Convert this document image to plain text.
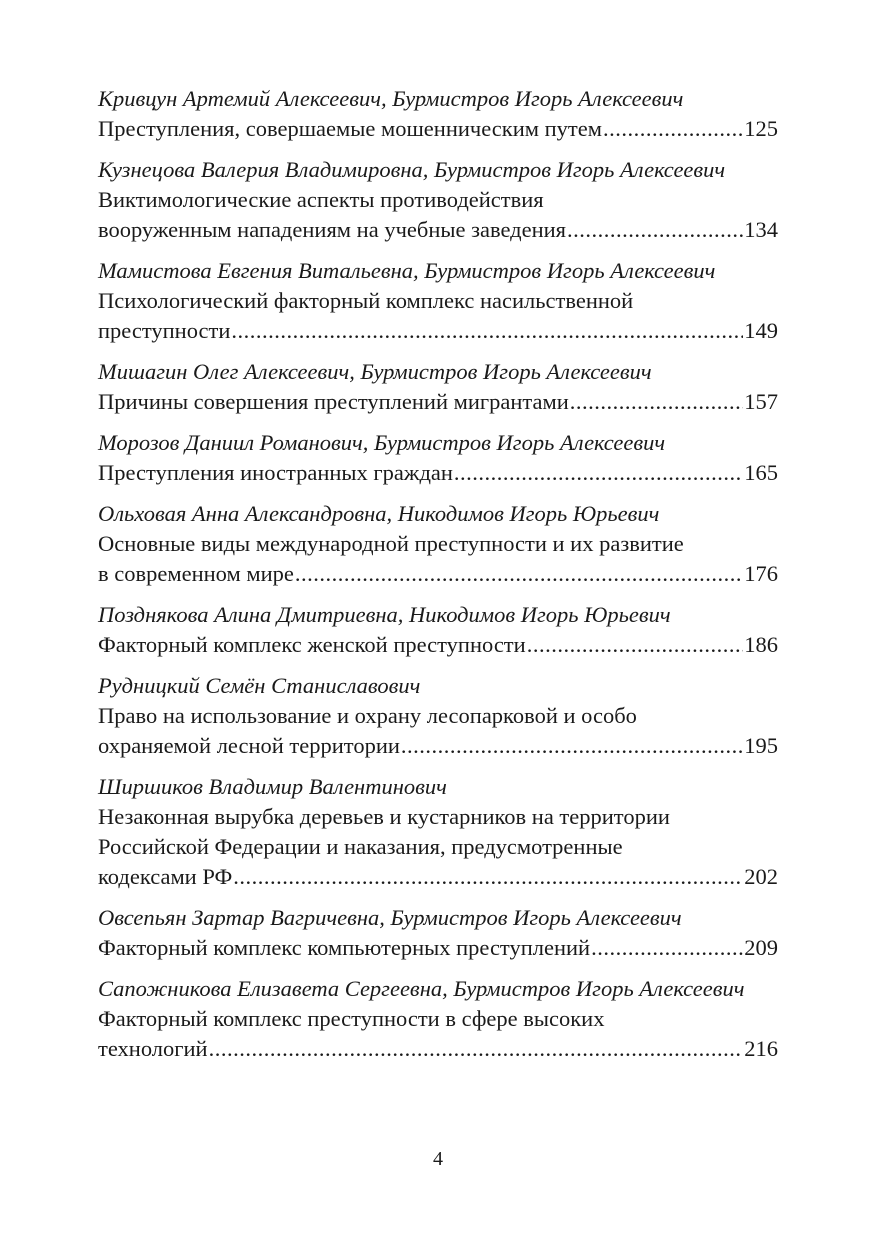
Кривцун Артемий Алексеевич, Бурмистров Игорь Алексеевич
Преступления, совершаемые мошенническим путем .....	125
Кузнецова Валерия Владимировна, Бурмистров Игорь Алексеевич
Виктимологические аспекты противодействия
вооруженным нападениям на учебные заведения .....	134
Мамистова Евгения Витальевна, Бурмистров Игорь Алексеевич
Психологический факторный комплекс насильственной
преступности .....	149
Мишагин Олег Алексеевич, Бурмистров Игорь Алексеевич
Причины совершения преступлений мигрантами .....	157
Морозов Даниил Романович, Бурмистров Игорь Алексеевич
Преступления иностранных граждан .....	165
Ольховая Анна Александровна, Никодимов Игорь Юрьевич
Основные виды международной преступности и их развитие
в современном мире .....	176
Позднякова Алина Дмитриевна, Никодимов Игорь Юрьевич
Факторный комплекс женской преступности .....	186
Рудницкий Семён Станиславович
Право на использование и охрану лесопарковой и особо
охраняемой лесной территории .....	195
Ширшиков Владимир Валентинович
Незаконная вырубка деревьев и кустарников на территории
Российской Федерации и наказания, предусмотренные
кодексами РФ .....	202
Овсепьян Зартар Вагричевна, Бурмистров Игорь Алексеевич
Факторный комплекс компьютерных преступлений .....	209
Сапожникова Елизавета Сергеевна, Бурмистров Игорь Алексеевич
Факторный комплекс преступности в сфере высоких
технологий .....	216
4
